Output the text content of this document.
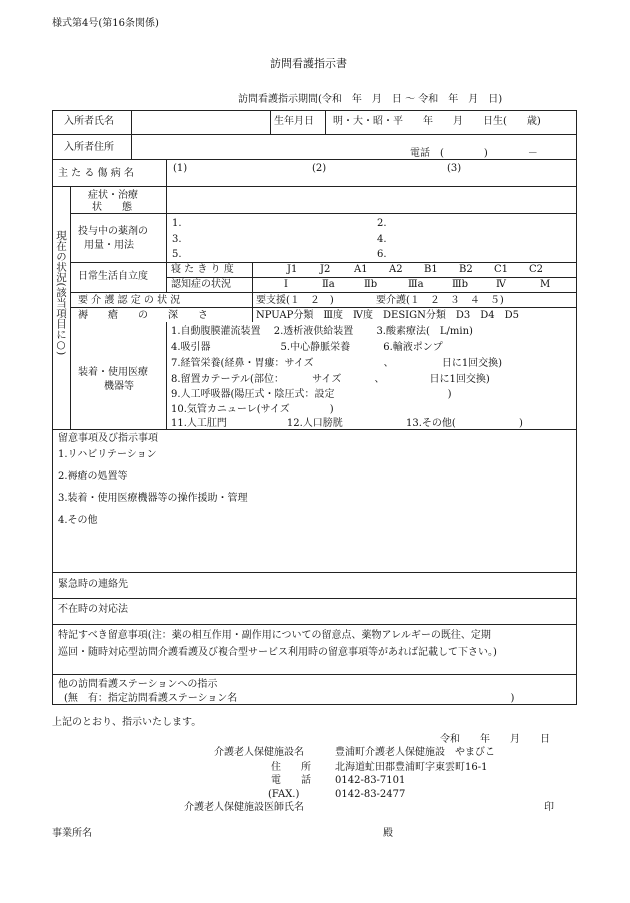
様式第4号(第16条関係)
訪問看護指示書
訪問看護指示期間(令和　年　月　日 〜 令和　年　月　日)
入所者氏名	生年月日 明・大・昭・平　　年　　月　　日生(　　歳)
入所者住所
電話　(　　　　)　　　　－
主 た る 傷 病 名	(1)	(2)	(3)
現在の状況(該当項目に○)
症状・治療
状　　態
投与中の薬剤の
用量・用法
1.	2.
3.	4.
5.	6.
日常生活自立度
寝 た き り 度	J1 J2 A1 A2 B1 B2 C1 C2
認知症の状況	Ⅰ	Ⅱa	Ⅱb	Ⅲa	Ⅲb	Ⅳ	M
要 介 護 認 定 の 状 況	要支援(１　２　)	要介護(１　２　３　４　５)
褥　　瘡　　の　　深　　さ	NPUAP分類　Ⅲ度　Ⅳ度　DESIGN分類　D3　D4　D5
装着・使用医療
機器等
1.自動腹膜灌流装置　 2.透析液供給装置　　 3.酸素療法(　L/min)
4.吸引器　　　　　　　5.中心静脈栄養　　　 6.輸液ポンプ
7.経管栄養(経鼻・胃瘻：サイズ　　　　　　　、　　　　　 日に1回交換)
8.留置カテーテル(部位：　　　 サイズ　　　 、　　　　　日に1回交換)
9.人工呼吸器(陽圧式・陰圧式：設定　　　　　　　　　　　 )
10.気管カニューレ(サイズ　　　　)
11.人工肛門　　　　　　12.人口膀胱　　　　　　 13.その他(　　　　　　 )
留意事項及び指示事項
1.リハビリテーション
2.褥瘡の処置等
3.装着・使用医療機器等の操作援助・管理
4.その他
緊急時の連絡先
不在時の対応法
特記すべき留意事項(注：薬の相互作用・副作用についての留意点、薬物アレルギーの既往、定期
巡回・随時対応型訪問介護看護及び複合型サービス利用時の留意事項等があれば記載して下さい。)
他の訪問看護ステーションへの指示
(無　有：指定訪問看護ステーション名　　　　　　　　　　　　　　　　　　　　　　　　　　　 )
上記のとおり、指示いたします。
令和　　年　　月　　日
介護老人保健施設名	豊浦町介護老人保健施設　やまびこ
住　　所 北海道虻田郡豊浦町字東雲町16-1
電　　話 0142-83-7101
(FAX.)	0142-83-2477
介護老人保健施設医師氏名	印
事業所名	殿
